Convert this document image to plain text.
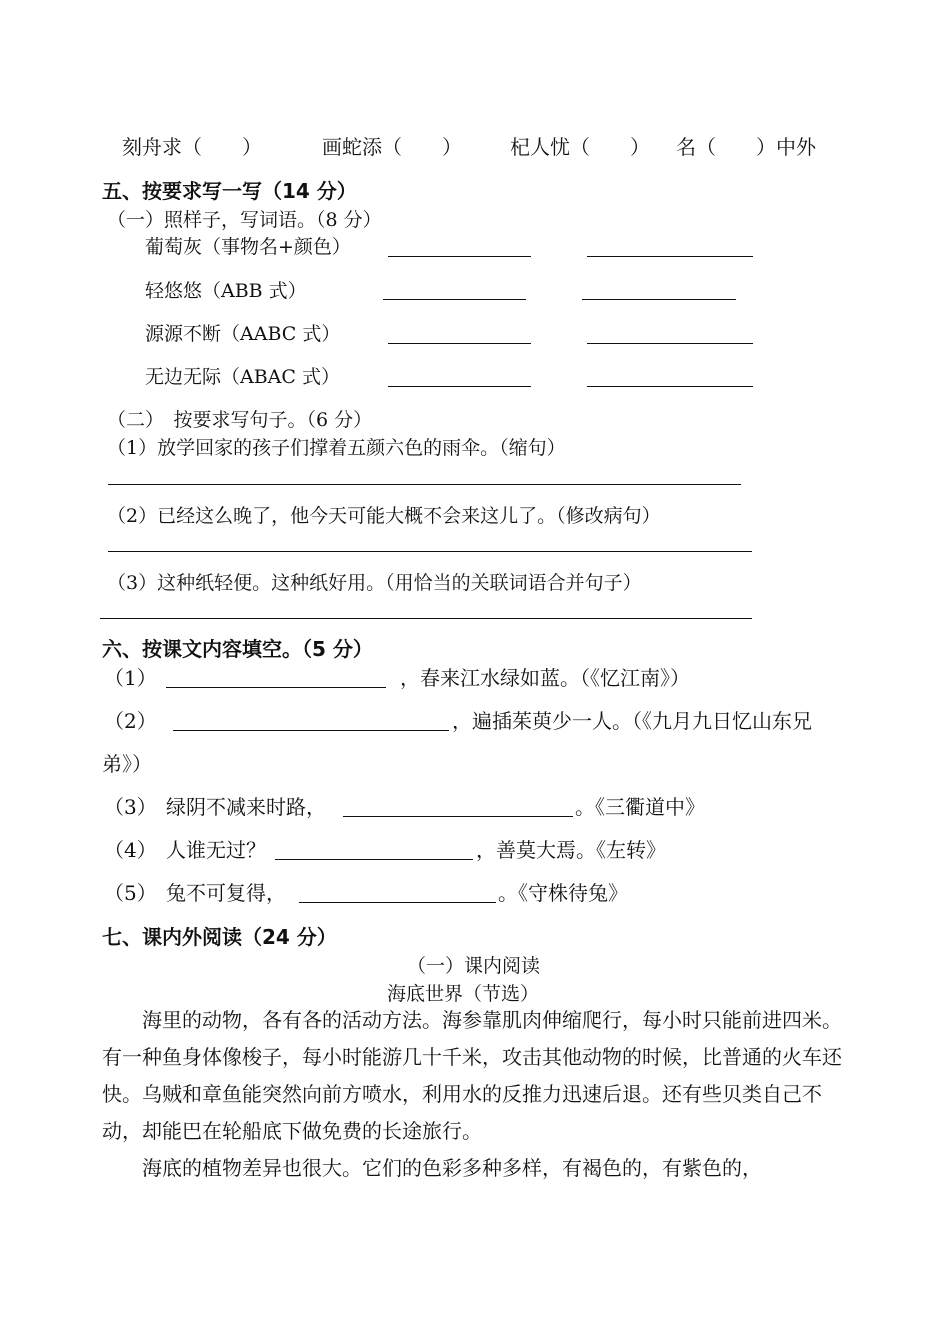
刻舟求（　　）	画蛇添（　　） 杞人忧（　　） 名（　　）中外
五、按要求写一写（14 分）
（一）照样子，写词语。（8 分）
葡萄灰（事物名+颜色）
轻悠悠（ABB 式）
源源不断（AABC 式）
无边无际（ABAC 式）
（二）　按要求写句子。（6 分）
（1）放学回家的孩子们撑着五颜六色的雨伞。（缩句）
（2）已经这么晚了，他今天可能大概不会来这儿了。（修改病句）
（3）这种纸轻便。这种纸好用。（用恰当的关联词语合并句子）
六、按课文内容填空。（5 分）
（1）	，春来江水绿如蓝。（《忆江南》）
（2）	，遍插茱萸少一人。（《九月九日忆山东兄
弟》）
（3） 绿阴不减来时路，	。《三衢道中》
（4） 人谁无过？	，善莫大焉。《左转》
（5） 兔不可复得，	。《守株待兔》
七、课内外阅读（24 分）
（一）课内阅读
海底世界（节选）
海里的动物，各有各的活动方法。海参靠肌肉伸缩爬行，每小时只能前进四米。有一种鱼身体像梭子，每小时能游几十千米，攻击其他动物的时候，比普通的火车还快。乌贼和章鱼能突然向前方喷水，利用水的反推力迅速后退。还有些贝类自己不动，却能巴在轮船底下做免费的长途旅行。
海底的植物差异也很大。它们的色彩多种多样，有褐色的，有紫色的，
